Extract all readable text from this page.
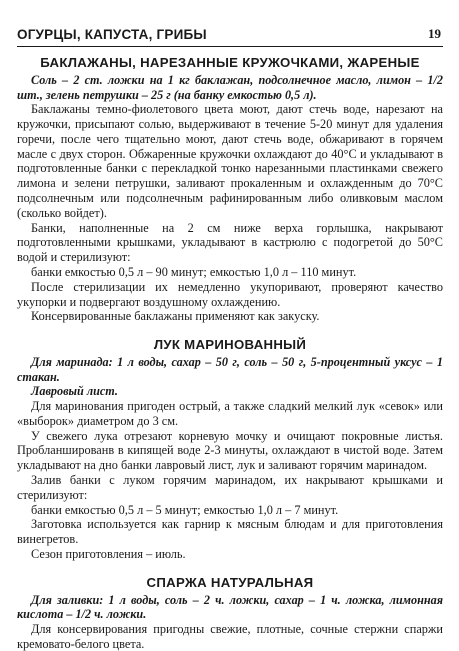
ОГУРЦЫ, КАПУСТА, ГРИБЫ	19
БАКЛАЖАНЫ, НАРЕЗАННЫЕ КРУЖОЧКАМИ, ЖАРЕНЫЕ

Соль – 2 ст. ложки на 1 кг баклажан, подсолнечное масло, лимон – 1/2 шт., зелень петрушки – 25 г (на банку емкостью 0,5 л).

Баклажаны темно-фиолетового цвета моют, дают стечь воде, нарезают на кружочки, присыпают солью, выдерживают в течение 5-20 минут для удаления горечи, после чего тщательно моют, дают стечь воде, обжаривают в горячем масле с двух сторон. Обжаренные кружочки охлаждают до 40°С и укладывают в подготовленные банки с перекладкой тонко нарезанными пластинками свежего лимона и зелени петрушки, заливают прокаленным и охлажденным до 70°С подсолнечным или подсолнечным рафинированным либо оливковым маслом (сколько войдет).

Банки, наполненные на 2 см ниже верха горлышка, накрывают подготовленными крышками, укладывают в кастрюлю с подогретой до 50°С водой и стерилизуют:

банки емкостью 0,5 л – 90 минут; емкостью 1,0 л – 110 минут.

После стерилизации их немедленно укупоривают, проверяют качество укупорки и подвергают воздушному охлаждению.

Консервированные баклажаны применяют как закуску.

ЛУК МАРИНОВАННЫЙ

Для маринада: 1 л воды, сахар – 50 г, соль – 50 г, 5-процентный уксус – 1 стакан.

Лавровый лист.

Для маринования пригоден острый, а также сладкий мелкий лук «севок» или «выборок» диаметром до 3 см.

У свежего лука отрезают корневую мочку и очищают покровные листья. Пробланшированв в кипящей воде 2-3 минуты, охлаждают в чистой воде. Затем укладывают на дно банки лавровый лист, лук и заливают горячим маринадом.

Залив банки с луком горячим маринадом, их накрывают крышками и стерилизуют:

банки емкостью 0,5 л – 5 минут; емкостью 1,0 л – 7 минут.

Заготовка используется как гарнир к мясным блюдам и для приготовления винегретов.

Сезон приготовления – июль.

СПАРЖА НАТУРАЛЬНАЯ

Для заливки: 1 л воды, соль – 2 ч. ложки, сахар – 1 ч. ложка, лимонная кислота – 1/2 ч. ложки.

Для консервирования пригодны свежие, плотные, сочные стержни спаржи кремовато-белого цвета.
